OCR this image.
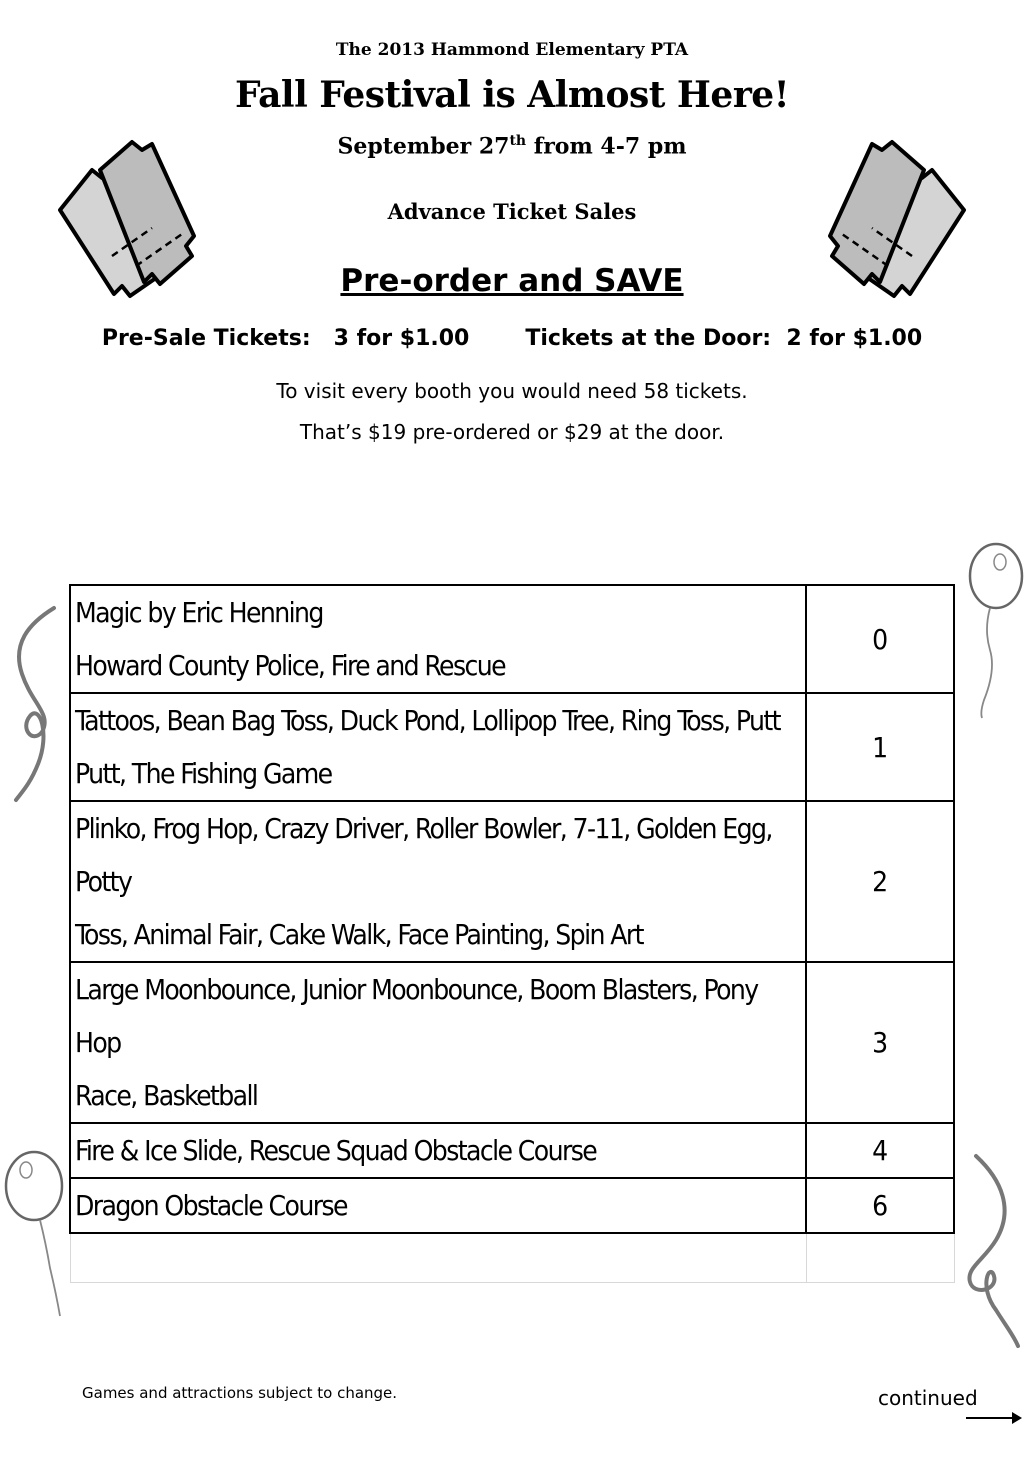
The 2013 Hammond Elementary PTA
Fall Festival is Almost Here!
September 27th from 4-7 pm
Advance Ticket Sales
Pre-order and SAVE
Pre-Sale Tickets:   3 for $1.00	Tickets at the Door:  2 for $1.00
To visit every booth you would need 58 tickets.
That’s $19 pre-ordered or $29 at the door.
Magic by Eric Henning
Howard County Police, Fire and Rescue	0

Tattoos, Bean Bag Toss, Duck Pond, Lollipop Tree, Ring Toss, Putt
Putt, The Fishing Game	1

Plinko, Frog Hop, Crazy Driver, Roller Bowler, 7-11, Golden Egg, Potty
Toss, Animal Fair, Cake Walk, Face Painting, Spin Art	2

Large Moonbounce, Junior Moonbounce, Boom Blasters, Pony Hop
Race, Basketball	3

Fire & Ice Slide, Rescue Squad Obstacle Course	4

Dragon Obstacle Course	6

Games and attractions subject to change.	continued
